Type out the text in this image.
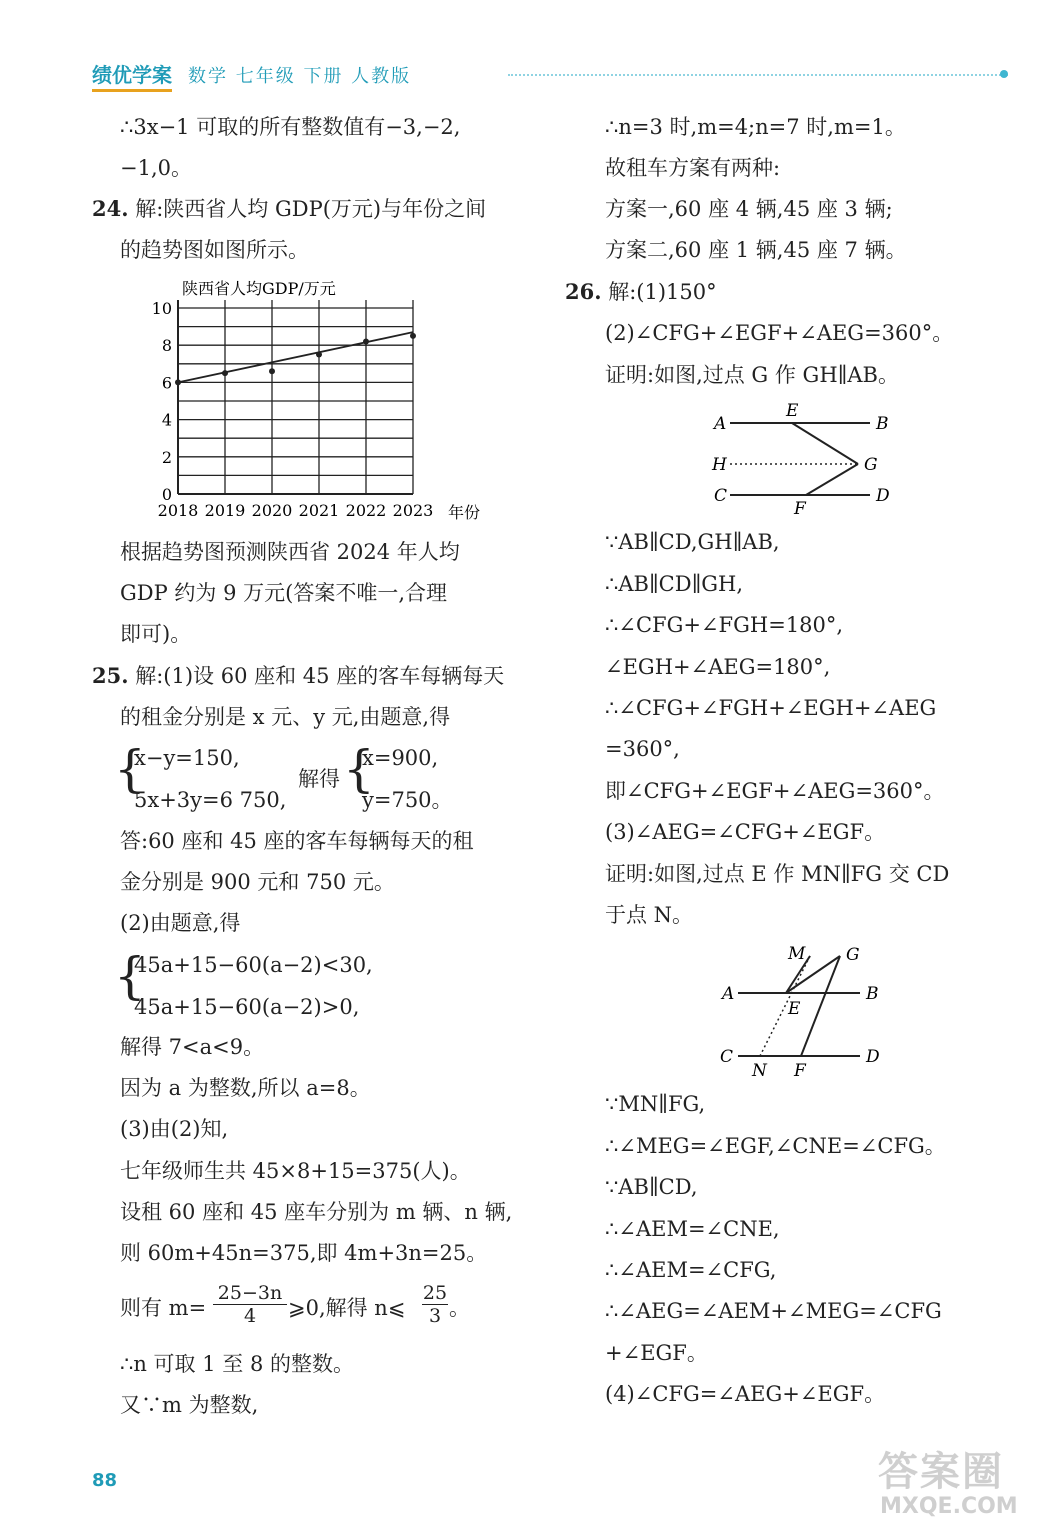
绩优学案 数学 七年级 下册 人教版
∴3x−1 可取的所有整数值有−3,−2,
−1,0。
24. 解:陕西省人均 GDP(万元)与年份之间
的趋势图如图所示。
根据趋势图预测陕西省 2024 年人均
GDP 约为 9 万元(答案不唯一,合理
即可)。
25. 解:(1)设 60 座和 45 座的客车每辆每天
的租金分别是 x 元、y 元,由题意,得
答:60 座和 45 座的客车每辆每天的租
金分别是 900 元和 750 元。
(2)由题意,得
解得 7<a<9。
因为 a 为整数,所以 a=8。
(3)由(2)知,
七年级师生共 45×8+15=375(人)。
设租 60 座和 45 座车分别为 m 辆、n 辆,
则 60m+45n=375,即 4m+3n=25。
∴n 可取 1 至 8 的整数。
又∵m 为整数,
∴n=3 时,m=4;n=7 时,m=1。
故租车方案有两种:
方案一,60 座 4 辆,45 座 3 辆;
方案二,60 座 1 辆,45 座 7 辆。
26. 解:(1)150°
(2)∠CFG+∠EGF+∠AEG=360°。
证明:如图,过点 G 作 GH∥AB。
∵AB∥CD,GH∥AB,
∴AB∥CD∥GH,
∴∠CFG+∠FGH=180°,
∠EGH+∠AEG=180°,
∴∠CFG+∠FGH+∠EGH+∠AEG
=360°,
即∠CFG+∠EGF+∠AEG=360°。
(3)∠AEG=∠CFG+∠EGF。
证明:如图,过点 E 作 MN∥FG 交 CD
于点 N。
∵MN∥FG,
∴∠MEG=∠EGF,∠CNE=∠CFG。
∵AB∥CD,
∴∠AEM=∠CNE,
∴∠AEM=∠CFG,
∴∠AEG=∠AEM+∠MEG=∠CFG
+∠EGF。
(4)∠CFG=∠AEG+∠EGF。
{
x−y=150,
5x+3y=6 750,
解得 {
x=900,
y=750。
{
45a+15−60(a−2)<30,
45a+15−60(a−2)>0,
则有 $m= \frac{25-3n}{4}$ ⩾0,解得 n⩽ $\frac{25}{3}$ 。
陕西省人均GDP/万元
年份
0
2
4
6
8
10
2018 2019 2020 2021 2022 2023
A
E
B
H	G
C
F
D
M G
A
E
B
C
N F
D
88	答案圈
MXQE.COM
